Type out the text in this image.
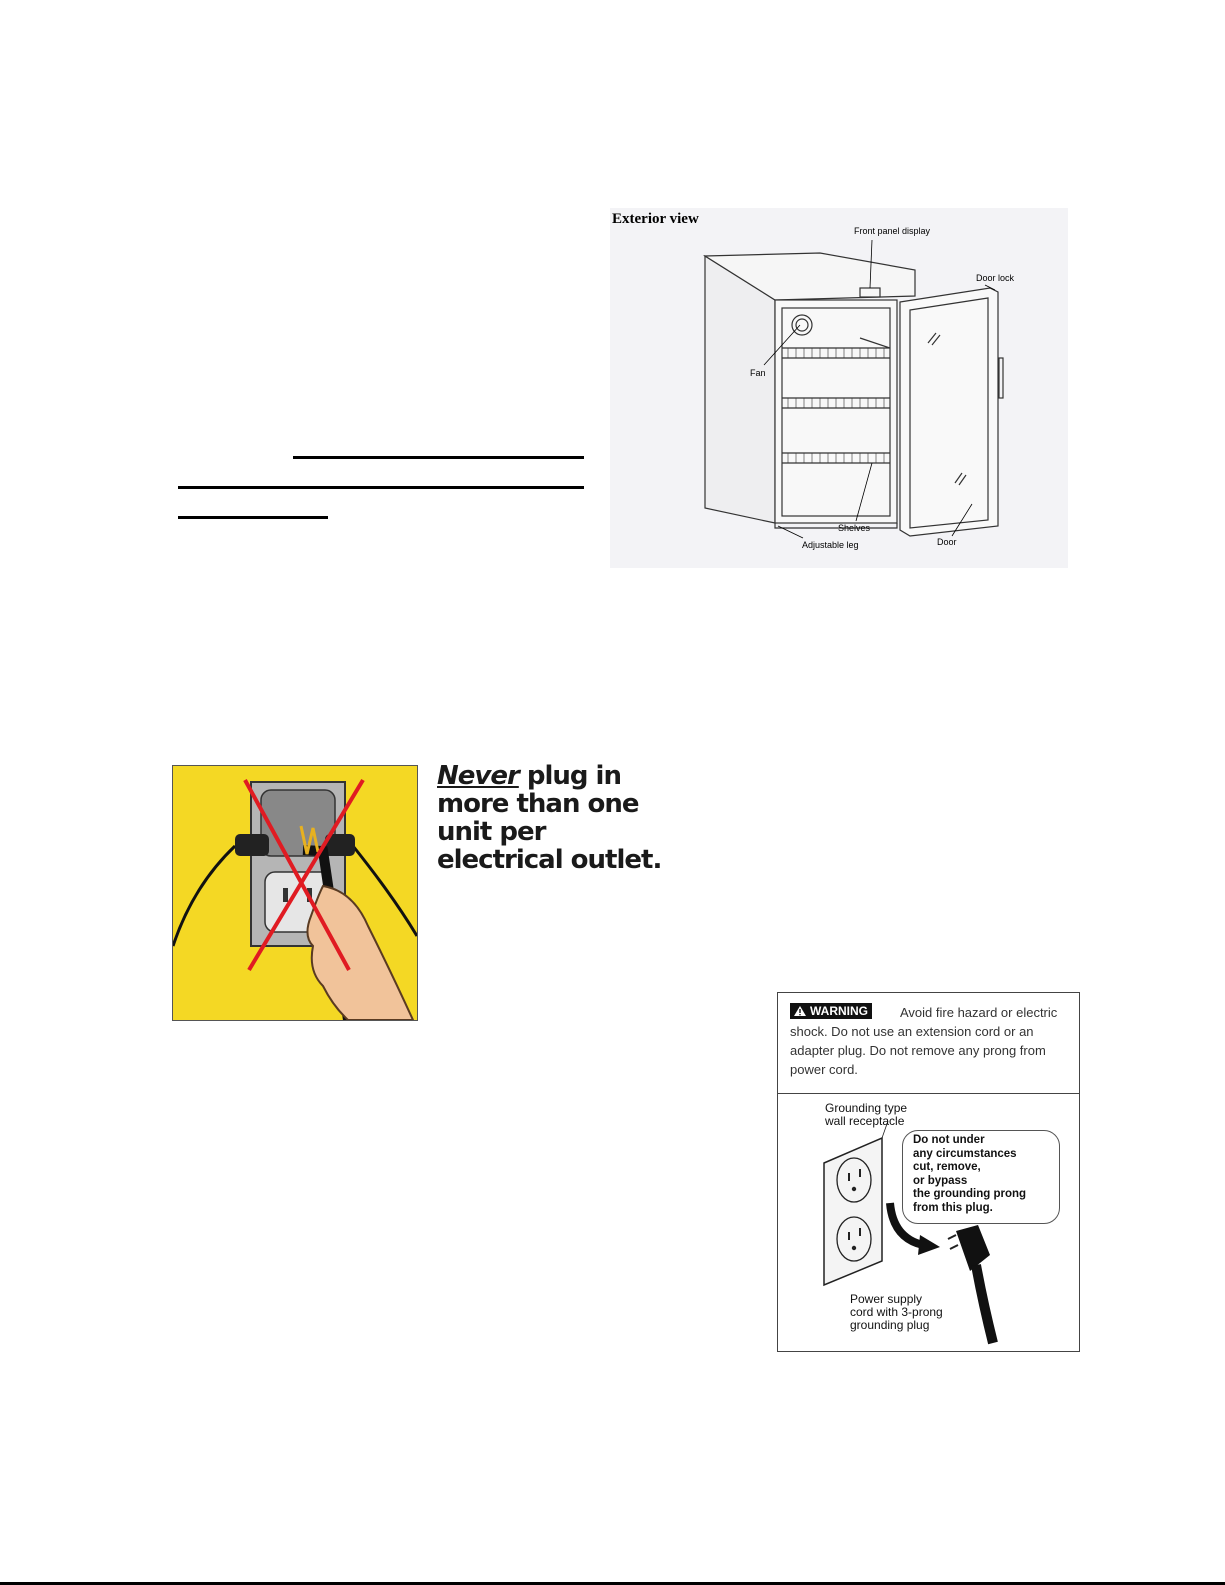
Exterior view
Front panel display
Door lock
Fan
Shelves
Adjustable leg	Door
Never plug in
more than one
unit per
electrical outlet.
Avoid fire hazard or electric shock. Do not use an extension cord or an adapter plug. Do not remove any prong from power cord.
WARNING
Grounding type
wall receptacle
Do not under
any circumstances
cut, remove,
or bypass
the grounding prong
from this plug.
Power supply
cord with 3-prong
grounding plug
